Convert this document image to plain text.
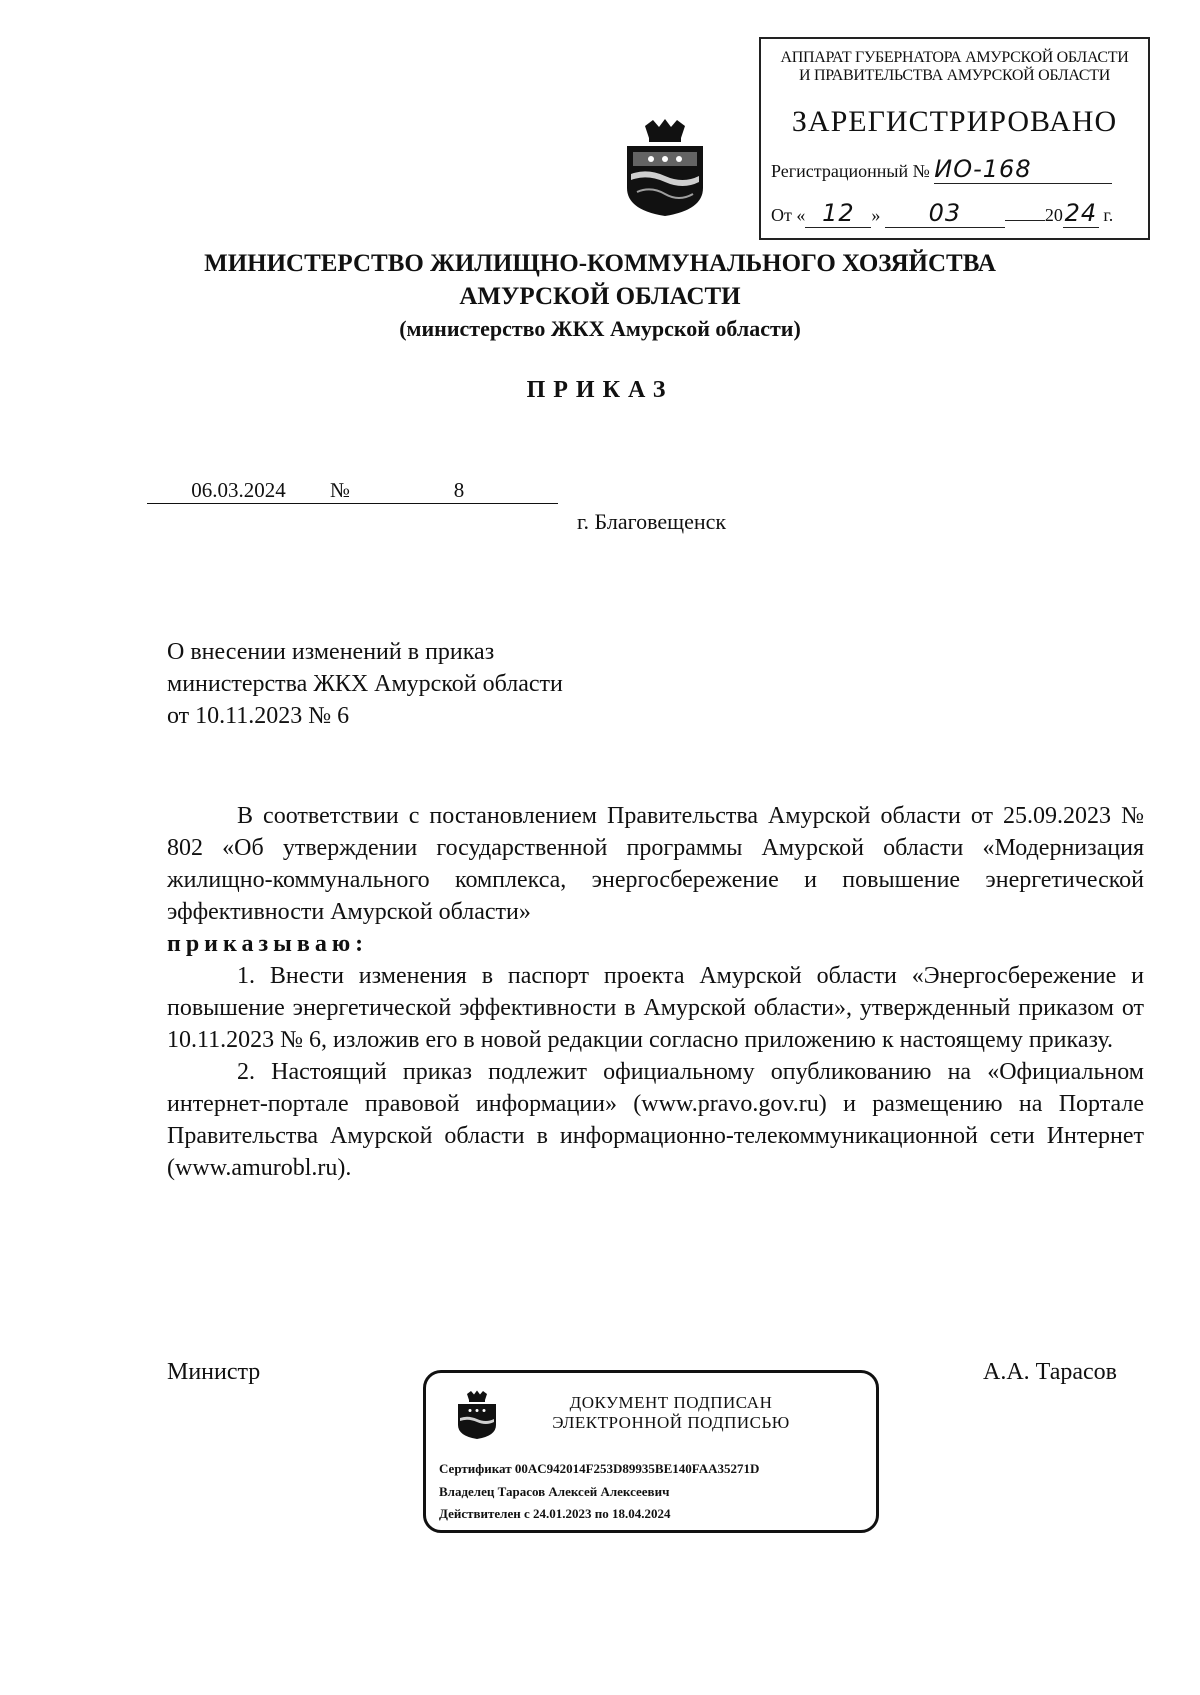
АППАРАТ ГУБЕРНАТОРА АМУРСКОЙ ОБЛАСТИ
И ПРАВИТЕЛЬСТВА АМУРСКОЙ ОБЛАСТИ
ЗАРЕГИСТРИРОВАНО
Регистрационный № ИО-168
От « 12 » 03	2024 г.
МИНИСТЕРСТВО ЖИЛИЩНО-КОММУНАЛЬНОГО ХОЗЯЙСТВА
АМУРСКОЙ ОБЛАСТИ
(министерство ЖКХ Амурской области)
ПРИКАЗ
06.03.2024 №	8
г. Благовещенск
О внесении изменений в приказ
министерства ЖКХ Амурской области
от 10.11.2023 № 6

В соответствии с постановлением Правительства Амурской области от 25.09.2023 № 802 «Об утверждении государственной программы Амурской области «Модернизация жилищно-коммунального комплекса, энергосбережение и повышение энергетической эффективности Амурской области»

приказываю:

1. Внести изменения в паспорт проекта Амурской области «Энергосбережение и повышение энергетической эффективности в Амурской области», утвержденный приказом от 10.11.2023 № 6, изложив его в новой редакции согласно приложению к настоящему приказу.

2. Настоящий приказ подлежит официальному опубликованию на «Официальном интернет-портале правовой информации» (www.pravo.gov.ru) и размещению на Портале Правительства Амурской области в информационно-телекоммуникационной сети Интернет (www.amurobl.ru).

Министр	А.А. Тарасов
ДОКУМЕНТ ПОДПИСАН
ЭЛЕКТРОННОЙ ПОДПИСЬЮ
Сертификат 00AC942014F253D89935BE140FAA35271D
Владелец Тарасов Алексей Алексеевич
Действителен с 24.01.2023 по 18.04.2024
